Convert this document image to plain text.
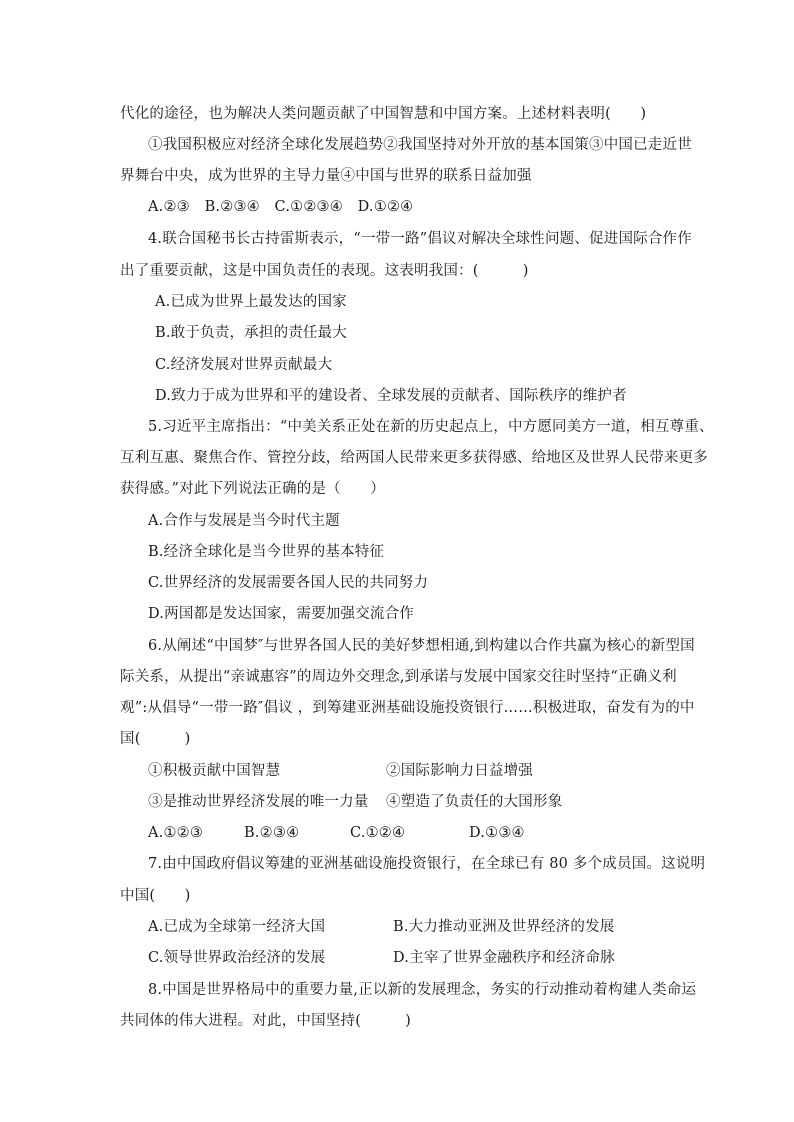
代化的途径，也为解决人类问题贡献了中国智慧和中国方案。上述材料表明(　　)
①我国积极应对经济全球化发展趋势②我国坚持对外开放的基本国策③中国已走近世
界舞台中央，成为世界的主导力量④中国与世界的联系日益加强
A.②③　B.②③④　C.①②③④　D.①②④
4.联合国秘书长古持雷斯表示，“一带一路”倡议对解决全球性问题、促进国际合作作
出了重要贡献，这是中国负责任的表现。这表明我国：(　　　)
A.已成为世界上最发达的国家
B.敢于负责，承担的责任最大
C.经济发展对世界贡献最大
D.致力于成为世界和平的建设者、全球发展的贡献者、国际秩序的维护者
5.习近平主席指出：“中美关系正处在新的历史起点上，中方愿同美方一道，相互尊重、
互利互惠、聚焦合作、管控分歧，给两国人民带来更多获得感、给地区及世界人民带来更多
获得感。”对此下列说法正确的是（　　）
A.合作与发展是当今时代主题
B.经济全球化是当今世界的基本特征
C.世界经济的发展需要各国人民的共同努力
D.两国都是发达国家，需要加强交流合作
6.从阐述“中国梦″与世界各国人民的美好梦想相通,到构建以合作共赢为核心的新型国
际关系，从提出“亲诚惠容”的周边外交理念,到承诺与发展中国家交往时坚持“正确义利
观”:从倡导“一带一路″倡议 ，到筹建亚洲基础设施投资银行……积极进取，奋发有为的中
国(　　　)
①积极贡献中国智慧	②国际影响力日益增强
③是推动世界经济发展的唯一力量 ④塑造了负责任的大国形象
A.①②③	B.②③④	C.①②④	D.①③④
7.由中国政府倡议筹建的亚洲基础设施投资银行，在全球已有 80 多个成员国。这说明
中国(　　)
A.已成为全球第一经济大国	B.大力推动亚洲及世界经济的发展
C.领导世界政治经济的发展	D.主宰了世界金融秩序和经济命脉
8.中国是世界格局中的重要力量,正以新的发展理念，务实的行动推动着构建人类命运
共同体的伟大进程。对此，中国坚持(　　　)
